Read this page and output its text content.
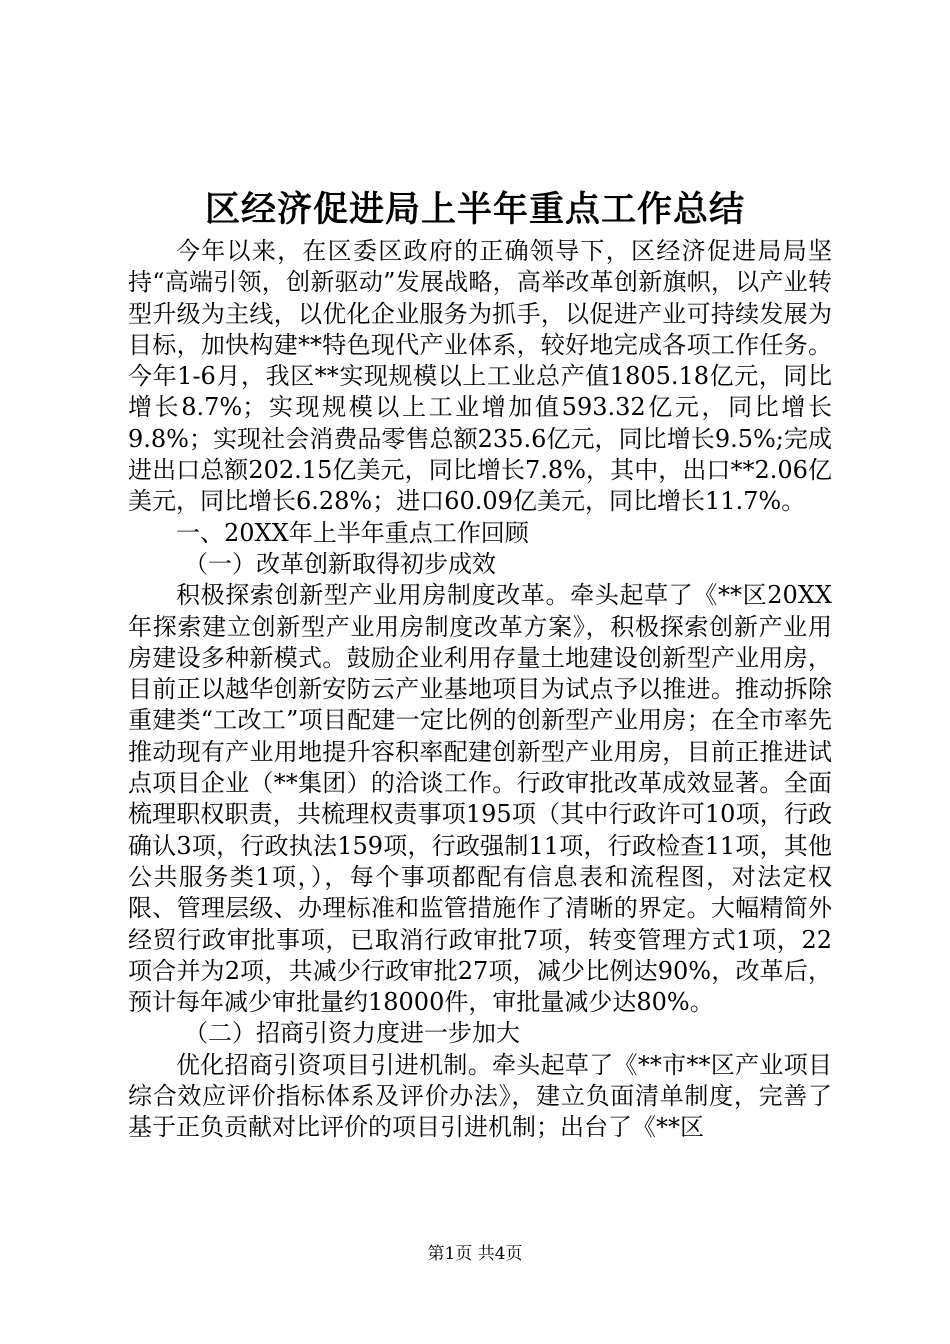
区经济促进局上半年重点工作总结

今年以来，在区委区政府的正确领导下，区经济促进局局坚持“高端引领，创新驱动”发展战略，高举改革创新旗帜，以产业转型升级为主线，以优化企业服务为抓手，以促进产业可持续发展为目标，加快构建**特色现代产业体系，较好地完成各项工作任务。今年1-6月，我区**实现规模以上工业总产值1805.18亿元，同比增长8.7%；实现规模以上工业增加值593.32亿元，同比增长9.8%；实现社会消费品零售总额235.6亿元，同比增长9.5%;完成进出口总额202.15亿美元，同比增长7.8%，其中，出口**2.06亿美元，同比增长6.28%；进口60.09亿美元，同比增长11.7%。

一、20XX年上半年重点工作回顾

（一）改革创新取得初步成效

积极探索创新型产业用房制度改革。牵头起草了《**区20XX年探索建立创新型产业用房制度改革方案》，积极探索创新产业用房建设多种新模式。鼓励企业利用存量土地建设创新型产业用房，目前正以越华创新安防云产业基地项目为试点予以推进。推动拆除重建类“工改工”项目配建一定比例的创新型产业用房；在全市率先推动现有产业用地提升容积率配建创新型产业用房，目前正推进试点项目企业（**集团）的洽谈工作。行政审批改革成效显著。全面梳理职权职责，共梳理权责事项195项（其中行政许可10项，行政确认3项，行政执法159项，行政强制11项，行政检查11项，其他公共服务类1项，），每个事项都配有信息表和流程图，对法定权限、管理层级、办理标准和监管措施作了清晰的界定。大幅精简外经贸行政审批事项，已取消行政审批7项，转变管理方式1项，22项合并为2项，共减少行政审批27项，减少比例达90%，改革后，预计每年减少审批量约18000件，审批量减少达80%。

（二）招商引资力度进一步加大

优化招商引资项目引进机制。牵头起草了《**市**区产业项目综合效应评价指标体系及评价办法》，建立负面清单制度，完善了基于正负贡献对比评价的项目引进机制；出台了《**区

第1页 共4页
